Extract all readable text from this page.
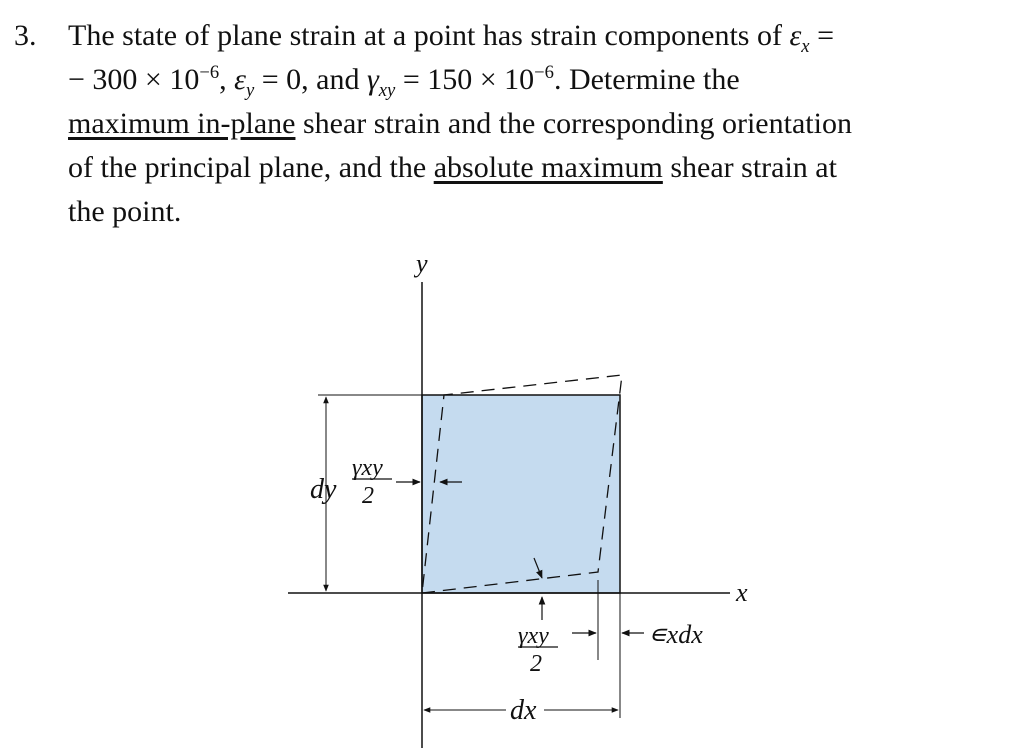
3. The state of plane strain at a point has strain components of $\varepsilon_x$ =
− $300 \times 10^{-6}$, $\varepsilon_y = 0$, and $\gamma_{xy} = 150 \times 10^{-6}$. Determine the
maximum in-plane shear strain and the corresponding orientation
of the principal plane, and the absolute maximum shear strain at
the point.
y
x
dy
γxy
2
γxy
2
∊xdx
dx
